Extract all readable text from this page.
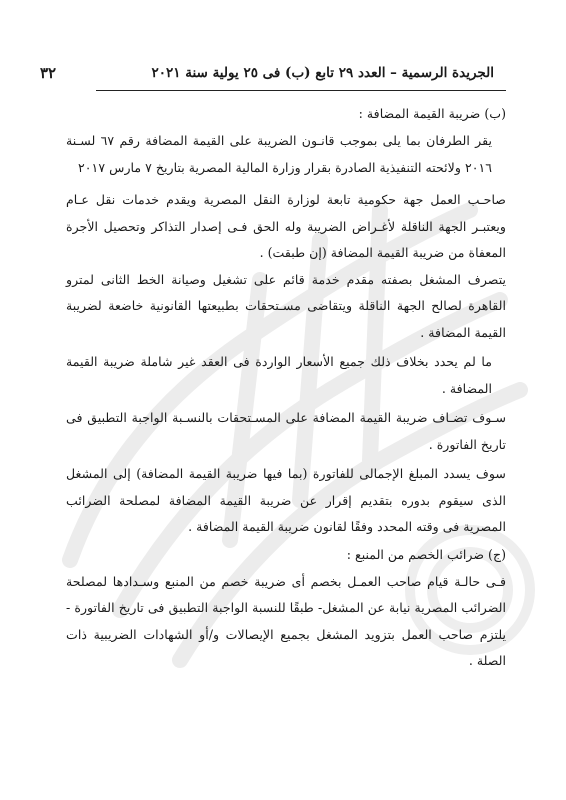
الجريدة الرسمية – العدد ٢٩ تابع (ب) فى ٢٥ يولية سنة ٢٠٢١
٣٢

(ب) ضريبة القيمة المضافة :

يقر الطرفان بما يلى بموجب قانـون الضريبة على القيمة المضافة رقم ٦٧ لسـنة ٢٠١٦ ولائحته التنفيذية الصادرة بقرار وزارة المالية المصرية بتاريخ ٧ مارس ٢٠١٧

صاحـب العمل جهة حكومية تابعة لوزارة النقل المصرية ويقدم خدمات نقل عـام ويعتبـر الجهة الناقلة لأغـراض الضريبة وله الحق فـى إصدار التذاكر وتحصيل الأجرة المعفاة من ضريبة القيمة المضافة (إن طبقت) .

يتصرف المشغل بصفته مقدم خدمة قائم على تشغيل وصيانة الخط الثانى لمترو القاهرة لصالح الجهة الناقلة ويتقاضى مسـتحقات بطبيعتها القانونية خاضعة لضريبة القيمة المضافة .

ما لم يحدد بخلاف ذلك جميع الأسعار الواردة فى العقد غير شاملة ضريبة القيمة المضافة .

سـوف تضـاف ضريبة القيمة المضافة على المسـتحقات بالنسـبة الواجبة التطبيق فى تاريخ الفاتورة .

سوف يسدد المبلغ الإجمالى للفاتورة (بما فيها ضريبة القيمة المضافة) إلى المشغل الذى سيقوم بدوره بتقديم إقرار عن ضريبة القيمة المضافة لمصلحة الضرائب المصرية فى وقته المحدد وفقًا لقانون ضريبة القيمة المضافة .

(ج) ضرائب الخصم من المنبع :

فـى حالـة قيام صاحب العمـل بخصم أى ضريبة خصم من المنبع وسـدادها لمصلحة الضرائب المصرية نيابة عن المشغل- طبقًا للنسبة الواجبة التطبيق فى تاريخ الفاتورة - يلتزم صاحب العمل بتزويد المشغل بجميع الإيصالات و/أو الشهادات الضريبية ذات الصلة .
